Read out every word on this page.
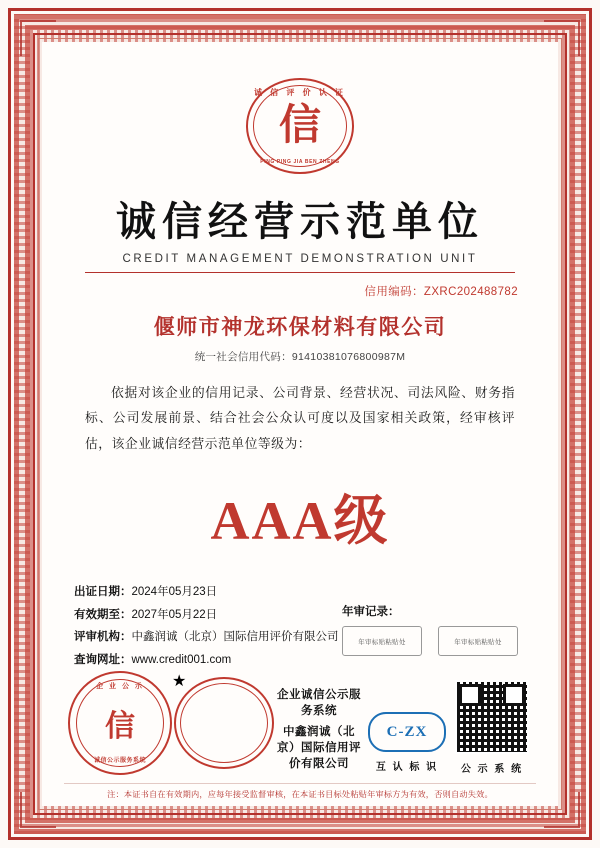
诚 信 评 价 认 证
信
PING PING JIA BEN ZHENG
诚信经营示范单位
CREDIT MANAGEMENT DEMONSTRATION UNIT
信用编码：ZXRC202488782
偃师市神龙环保材料有限公司
统一社会信用代码：91410381076800987M
依据对该企业的信用记录、公司背景、经营状况、司法风险、财务指标、公司发展前景、结合社会公众认可度以及国家相关政策，经审核评估，该企业诚信经营示范单位等级为：
AAA级
出证日期：2024年05月23日
有效期至：2027年05月22日
评审机构：中鑫润诚（北京）国际信用评价有限公司
查询网址：www.credit001.com
年审记录：
年审标贴粘贴处	年审标贴粘贴处
企 业 公 示
信
诚信公示服务系统
★
企业诚信公示服务系统
中鑫润诚（北京）国际信用评价有限公司
C-ZX
互 认 标 识	公 示 系 统
注：本证书自在有效期内，应每年接受监督审核，在本证书目标处粘贴年审标方为有效，否则自动失效。
